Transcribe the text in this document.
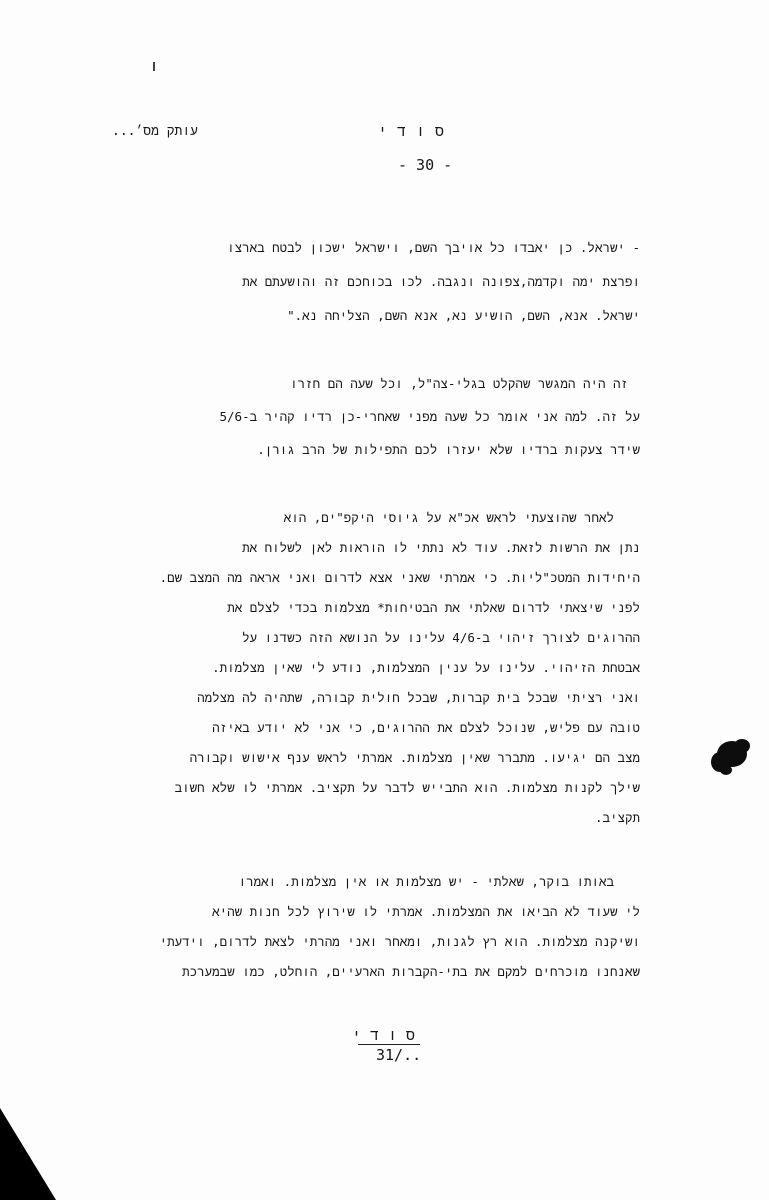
סודי
עותק מס׳...
- 30 -
- ישראל. כן יאבדו כל אויבך השם, וישראל ישכון לבטח בארצו
ופרצת ימה וקדמה,צפונה ונגבה. לכו בכוחכם זה והושעתם את
ישראל. אנא, השם, הושיע נא, אנא השם, הצליחה נא."
זה היה המגשר שהקלט בגלי-צה"ל, וכל שעה הם חזרו
על זה. למה אני אומר כל שעה מפני שאחרי-כן רדיו קהיר ב-5/6
שידר צעקות ברדיו שלא יעזרו לכם התפילות של הרב גורן.
לאחר שהוצעתי לראש אכ"א על גיוסי היקפ"ים, הוא
נתן את הרשות לזאת. עוד לא נתתי לו הוראות לאן לשלוח את
היחידות המטכ"ליות. כי אמרתי שאני אצא לדרום ואני אראה מה המצב שם.
לפני שיצאתי לדרום שאלתי את הבטיחות* מצלמות בכדי לצלם את
ההרוגים לצורך זיהוי ב-4/6 עלינו על הנושא הזה כשדנו על
אבטחת הזיהוי. עלינו על ענין המצלמות, נודע לי שאין מצלמות.
ואני רציתי שבכל בית קברות, שבכל חולית קבורה, שתהיה לה מצלמה
טובה עם פליש, שנוכל לצלם את ההרוגים, כי אני לא יודע באיזה
מצב הם יגיעו. מתברר שאין מצלמות. אמרתי לראש ענף אישוש וקבורה
שילך לקנות מצלמות. הוא התבייש לדבר על תקציב. אמרתי לו שלא חשוב
תקציב.
באותו בוקר, שאלתי - יש מצלמות או אין מצלמות. ואמרו
לי שעוד לא הביאו את המצלמות. אמרתי לו שירוץ לכל חנות שהיא
ושיקנה מצלמות. הוא רץ לגנות, ומאחר ואני מהרתי לצאת לדרום, וידעתי
שאנחנו מוכרחים למקם את בתי-הקברות הארעיים, הוחלט, כמו שבמערכת
סודי
31/..
